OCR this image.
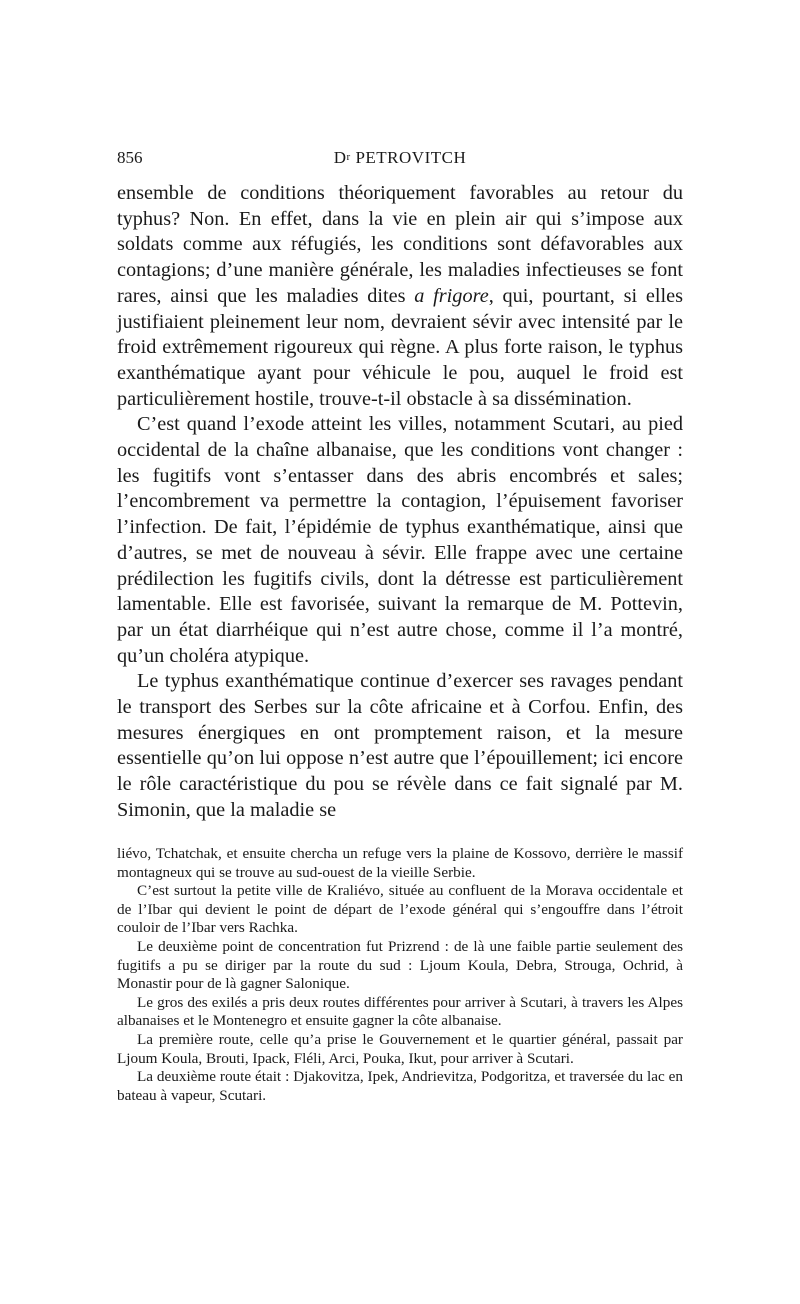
856	$D^r$ PETROVITCH

ensemble de conditions théoriquement favorables au retour du typhus? Non. En effet, dans la vie en plein air qui s’impose aux soldats comme aux réfugiés, les conditions sont défavorables aux contagions; d’une manière générale, les maladies infectieuses se font rares, ainsi que les maladies dites a frigore, qui, pourtant, si elles justifiaient pleinement leur nom, devraient sévir avec intensité par le froid extrêmement rigoureux qui règne. A plus forte raison, le typhus exanthématique ayant pour véhicule le pou, auquel le froid est particulièrement hostile, trouve-t-il obstacle à sa dissémination.

C’est quand l’exode atteint les villes, notamment Scutari, au pied occidental de la chaîne albanaise, que les conditions vont changer : les fugitifs vont s’entasser dans des abris encombrés et sales; l’encombrement va permettre la contagion, l’épuisement favoriser l’infection. De fait, l’épidémie de typhus exanthématique, ainsi que d’autres, se met de nouveau à sévir. Elle frappe avec une certaine prédilection les fugitifs civils, dont la détresse est particulièrement lamentable. Elle est favorisée, suivant la remarque de M. Pottevin, par un état diarrhéique qui n’est autre chose, comme il l’a montré, qu’un choléra atypique.

Le typhus exanthématique continue d’exercer ses ravages pendant le transport des Serbes sur la côte africaine et à Corfou. Enfin, des mesures énergiques en ont promptement raison, et la mesure essentielle qu’on lui oppose n’est autre que l’épouillement; ici encore le rôle caractéristique du pou se révèle dans ce fait signalé par M. Simonin, que la maladie se

liévo, Tchatchak, et ensuite chercha un refuge vers la plaine de Kossovo, derrière le massif montagneux qui se trouve au sud-ouest de la vieille Serbie.

C’est surtout la petite ville de Kraliévo, située au confluent de la Morava occidentale et de l’Ibar qui devient le point de départ de l’exode général qui s’engouffre dans l’étroit couloir de l’Ibar vers Rachka.

Le deuxième point de concentration fut Prizrend : de là une faible partie seulement des fugitifs a pu se diriger par la route du sud : Ljoum Koula, Debra, Strouga, Ochrid, à Monastir pour de là gagner Salonique.

Le gros des exilés a pris deux routes différentes pour arriver à Scutari, à travers les Alpes albanaises et le Montenegro et ensuite gagner la côte albanaise.

La première route, celle qu’a prise le Gouvernement et le quartier général, passait par Ljoum Koula, Brouti, Ipack, Fléli, Arci, Pouka, Ikut, pour arriver à Scutari.

La deuxième route était : Djakovitza, Ipek, Andrievitza, Podgoritza, et traversée du lac en bateau à vapeur, Scutari.
